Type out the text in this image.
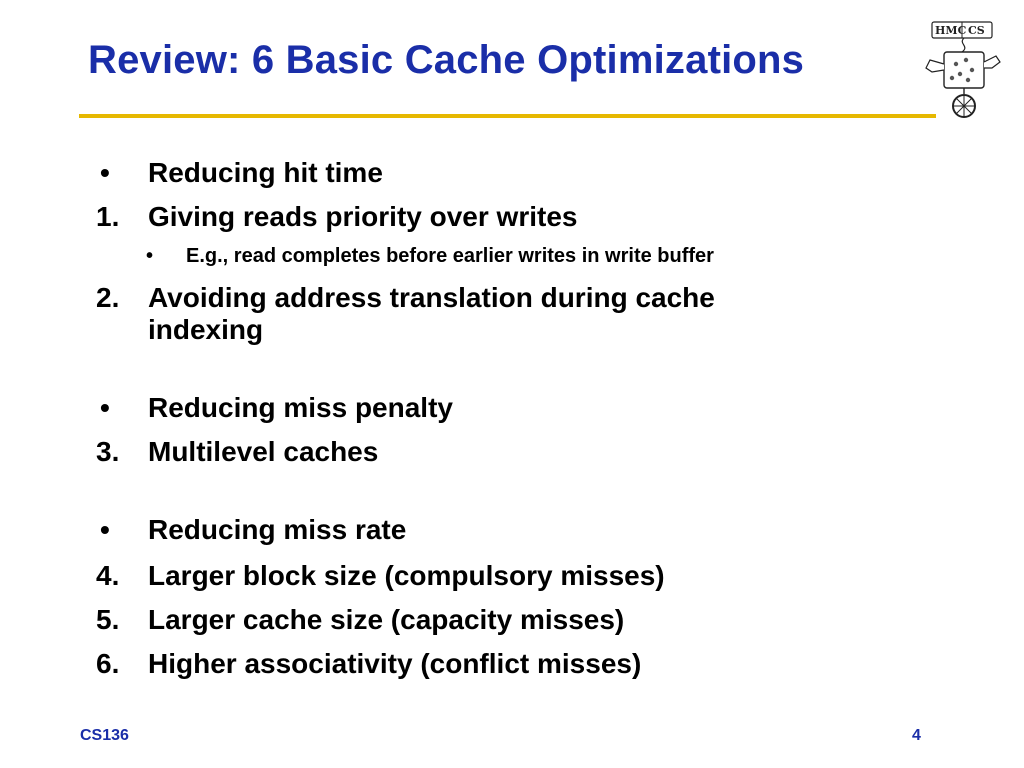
Review: 6 Basic Cache Optimizations
HMC CS
• Reducing hit time
1. Giving reads priority over writes
• E.g., read completes before earlier writes in write buffer
2. Avoiding address translation during cache
indexing
• Reducing miss penalty
3. Multilevel caches
• Reducing miss rate
4. Larger block size (compulsory misses)
5. Larger cache size (capacity misses)
6. Higher associativity (conflict misses)
CS136	4
